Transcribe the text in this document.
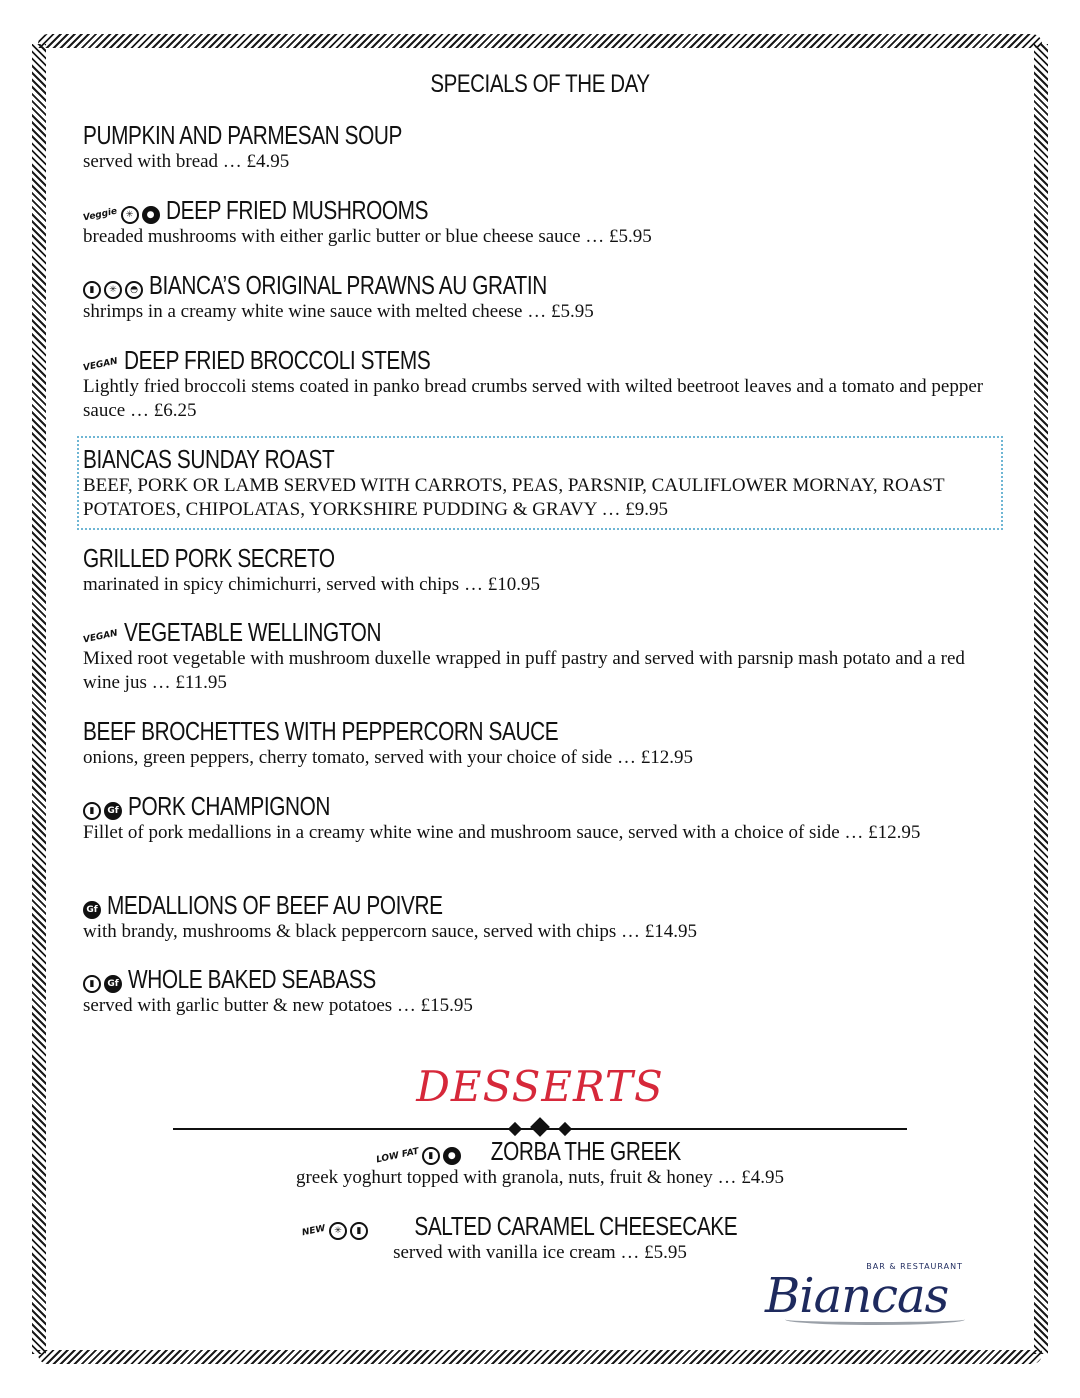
SPECIALS OF THE DAY
PUMPKIN AND PARMESAN SOUP
served with bread … £4.95
Veggie ✳	● DEEP FRIED MUSHROOMS
breaded mushrooms with either garlic butter or blue cheese sauce … £5.95
▮	✳	◓ BIANCA’S ORIGINAL PRAWNS AU GRATIN
shrimps in a creamy white wine sauce with melted cheese … £5.95
VEGAN DEEP FRIED BROCCOLI STEMS
Lightly fried broccoli stems coated in panko bread crumbs served with wilted beetroot leaves and a tomato and pepper sauce … £6.25
BIANCAS SUNDAY ROAST
BEEF, PORK OR LAMB SERVED WITH CARROTS, PEAS, PARSNIP, CAULIFLOWER MORNAY, ROAST POTATOES, CHIPOLATAS, YORKSHIRE PUDDING & GRAVY … £9.95
GRILLED PORK SECRETO
marinated in spicy chimichurri, served with chips … £10.95
VEGAN VEGETABLE WELLINGTON
Mixed root vegetable with mushroom duxelle wrapped in puff pastry and served with parsnip mash potato and a red wine jus … £11.95
BEEF BROCHETTES WITH PEPPERCORN SAUCE
onions, green peppers, cherry tomato, served with your choice of side … £12.95
▮	Gf PORK CHAMPIGNON
Fillet of pork medallions in a creamy white wine and mushroom sauce, served with a choice of side … £12.95
Gf MEDALLIONS OF BEEF AU POIVRE
with brandy, mushrooms & black peppercorn sauce, served with chips … £14.95
▮	Gf WHOLE BAKED SEABASS
served with garlic butter & new potatoes … £15.95
DESSERTS
LOW FAT ▮	● ZORBA THE GREEK
greek yoghurt topped with granola, nuts, fruit & honey … £4.95
NEW ✳	▮ SALTED CARAMEL CHEESECAKE
served with vanilla ice cream … £5.95
BAR & RESTAURANT
Biancas
